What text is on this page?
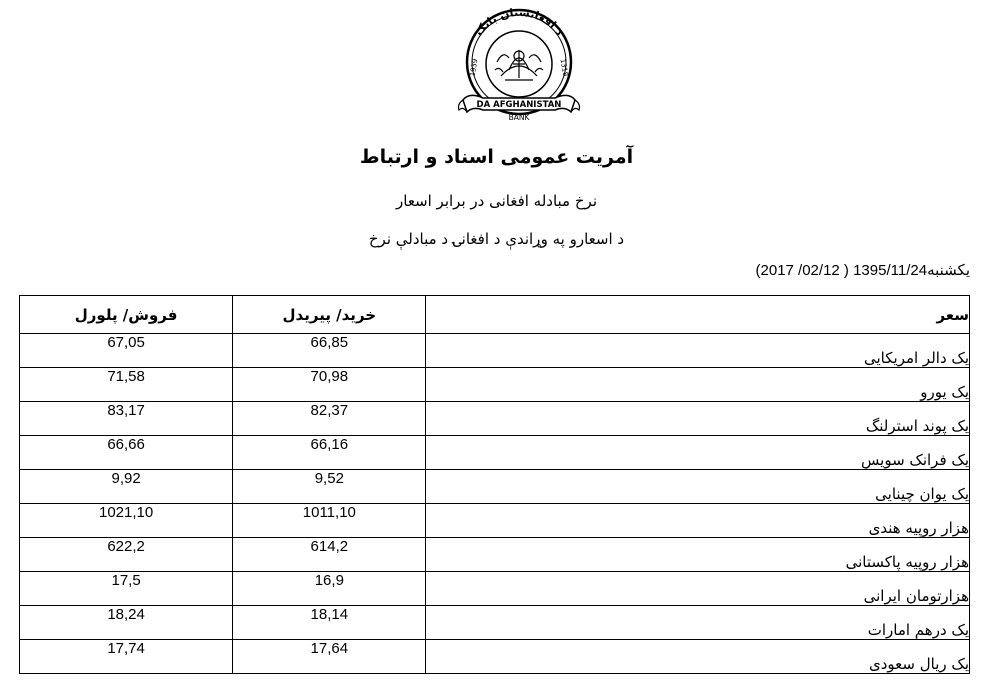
د افغانستان بانک
1939	1318
DA AFGHANISTAN
BANK
آمریت عمومی اسناد و ارتباط
نرخ مبادله افغانی در برابر اسعار
د اسعارو په وړاندې د افغانۍ د مبادلې نرخ
(2017 /02/12 ) 1395/11/24یکشنبه
فروش/ پلورل	خرید/ پیریدل	سعر
67,05	66,85	یک دالر امریکایی
71,58	70,98	یک یورو
83,17	82,37	یک پوند استرلنگ
66,66	66,16	یک فرانک سویس
9,92	9,52	یک یوان چینایی
1021,10	1011,10	هزار روپیه هندی
622,2	614,2	هزار روپیه پاکستانی
17,5	16,9	هزارتومان ایرانی
18,24	18,14	یک درهم امارات
17,74	17,64	یک ریال سعودی
